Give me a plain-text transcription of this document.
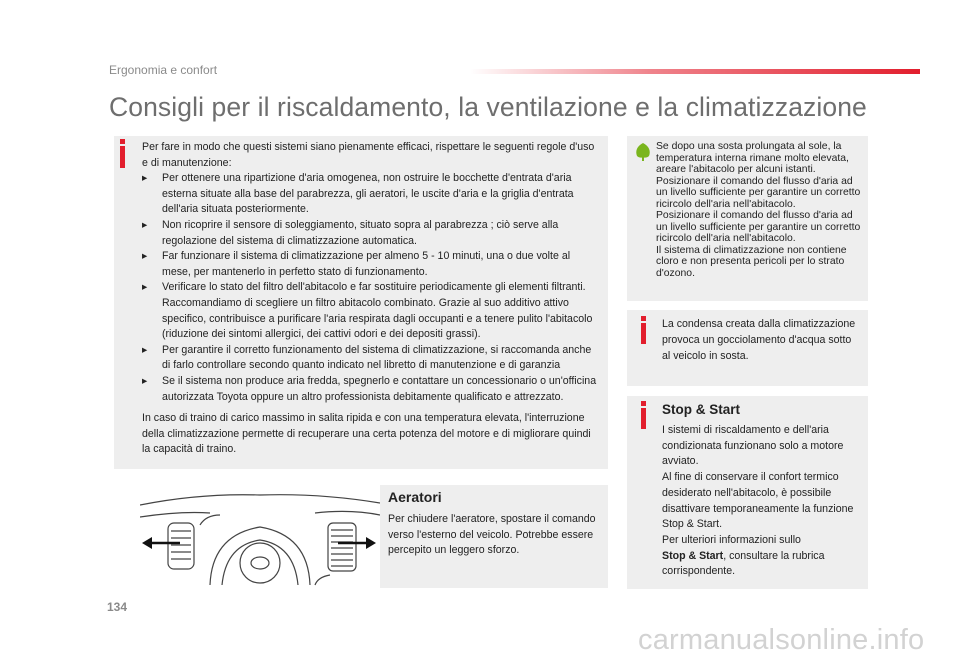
Ergonomia e confort
Consigli per il riscaldamento, la ventilazione e la climatizzazione

Per fare in modo che questi sistemi siano pienamente efficaci, rispettare le seguenti regole d'uso e di manutenzione:

▸ Per ottenere una ripartizione d'aria omogenea, non ostruire le bocchette d'entrata d'aria esterna situate alla base del parabrezza, gli aeratori, le uscite d'aria e la griglia d'entrata dell'aria situata posteriormente.
▸ Non ricoprire il sensore di soleggiamento, situato sopra al parabrezza ; ciò serve alla regolazione del sistema di climatizzazione automatica.
▸ Far funzionare il sistema di climatizzazione per almeno 5 - 10 minuti, una o due volte al mese, per mantenerlo in perfetto stato di funzionamento.
▸ Verificare lo stato del filtro dell'abitacolo e far sostituire periodicamente gli elementi filtranti. Raccomandiamo di scegliere un filtro abitacolo combinato. Grazie al suo additivo attivo specifico, contribuisce a purificare l'aria respirata dagli occupanti e a tenere pulito l'abitacolo (riduzione dei sintomi allergici, dei cattivi odori e dei depositi grassi).
▸ Per garantire il corretto funzionamento del sistema di climatizzazione, si raccomanda anche di farlo controllare secondo quanto indicato nel libretto di manutenzione e di garanzia
▸ Se il sistema non produce aria fredda, spegnerlo e contattare un concessionario o un'officina autorizzata Toyota oppure un altro professionista debitamente qualificato e attrezzato.

In caso di traino di carico massimo in salita ripida e con una temperatura elevata, l'interruzione della climatizzazione permette di recuperare una certa potenza del motore e di migliorare quindi la capacità di traino.

Aeratori
Per chiudere l'aeratore, spostare il comando verso l'esterno del veicolo. Potrebbe essere percepito un leggero sforzo.
Se dopo una sosta prolungata al sole, la temperatura interna rimane molto elevata, areare l'abitacolo per alcuni istanti. Posizionare il comando del flusso d'aria ad un livello sufficiente per garantire un corretto ricircolo dell'aria nell'abitacolo.
Posizionare il comando del flusso d'aria ad un livello sufficiente per garantire un corretto ricircolo dell'aria nell'abitacolo.
Il sistema di climatizzazione non contiene cloro e non presenta pericoli per lo strato d'ozono.
La condensa creata dalla climatizzazione provoca un gocciolamento d'acqua sotto al veicolo in sosta.
Stop & Start
I sistemi di riscaldamento e dell'aria condizionata funzionano solo a motore avviato.
Al fine di conservare il confort termico desiderato nell'abitacolo, è possibile disattivare temporaneamente la funzione Stop & Start.
Per ulteriori informazioni sullo
Stop & Start, consultare la rubrica corrispondente.
134
carmanualsonline.info
